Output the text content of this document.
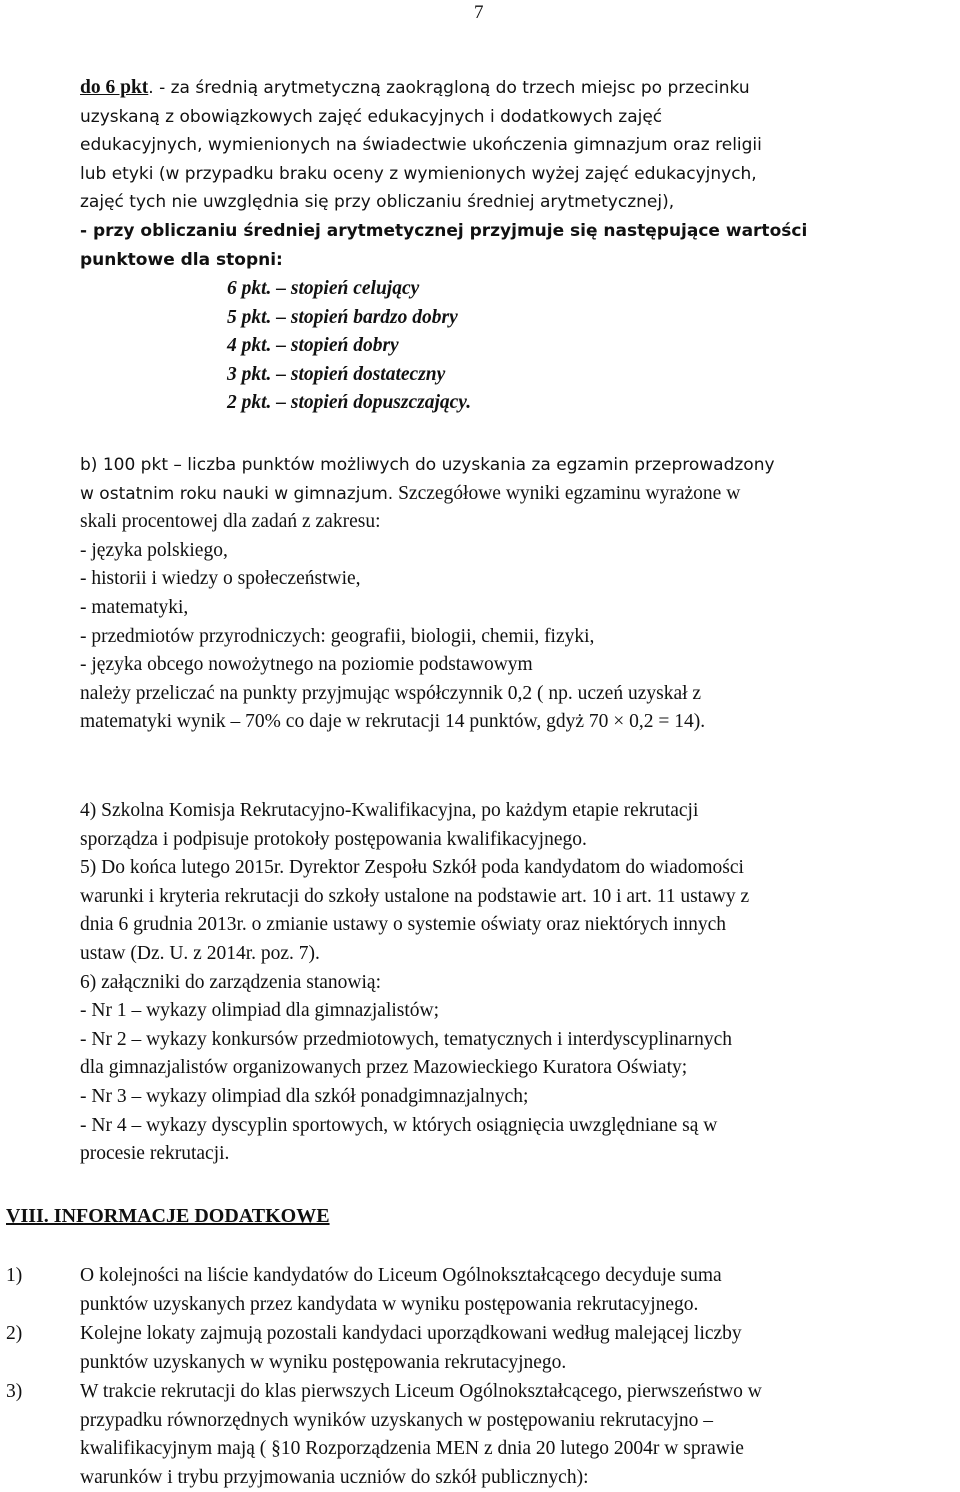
7
do 6 pkt. - za średnią arytmetyczną zaokrągloną do trzech miejsc po przecinku
uzyskaną z obowiązkowych zajęć edukacyjnych i dodatkowych zajęć
edukacyjnych, wymienionych na świadectwie ukończenia gimnazjum oraz religii
lub etyki (w przypadku braku oceny z wymienionych wyżej zajęć edukacyjnych,
zajęć tych nie uwzględnia się przy obliczaniu średniej arytmetycznej),
- przy obliczaniu średniej arytmetycznej przyjmuje się następujące wartości
punktowe dla stopni:
6 pkt. – stopień celujący
5 pkt. – stopień bardzo dobry
4 pkt. – stopień dobry
3 pkt. – stopień dostateczny
2 pkt. – stopień dopuszczający.
b) 100 pkt – liczba punktów możliwych do uzyskania za egzamin przeprowadzony
w ostatnim roku nauki w gimnazjum. Szczegółowe wyniki egzaminu wyrażone w
skali procentowej dla zadań z zakresu:
- języka polskiego,
- historii i wiedzy o społeczeństwie,
- matematyki,
- przedmiotów przyrodniczych: geografii, biologii, chemii, fizyki,
- języka obcego nowożytnego na poziomie podstawowym
należy przeliczać na punkty przyjmując współczynnik 0,2 ( np. uczeń uzyskał z
matematyki wynik – 70% co daje w rekrutacji 14 punktów, gdyż 70 × 0,2 = 14).
4) Szkolna Komisja Rekrutacyjno-Kwalifikacyjna, po każdym etapie rekrutacji
sporządza i podpisuje protokoły postępowania kwalifikacyjnego.
5) Do końca lutego 2015r. Dyrektor Zespołu Szkół poda kandydatom do wiadomości
warunki i kryteria rekrutacji do szkoły ustalone na podstawie art. 10 i art. 11 ustawy z
dnia 6 grudnia 2013r. o zmianie ustawy o systemie oświaty oraz niektórych innych
ustaw (Dz. U. z 2014r. poz. 7).
6) załączniki do zarządzenia stanowią:
- Nr 1 – wykazy olimpiad dla gimnazjalistów;
- Nr 2 – wykazy konkursów przedmiotowych, tematycznych i interdyscyplinarnych
dla gimnazjalistów organizowanych przez Mazowieckiego Kuratora Oświaty;
- Nr 3 – wykazy olimpiad dla szkół ponadgimnazjalnych;
- Nr 4 – wykazy dyscyplin sportowych, w których osiągnięcia uwzględniane są w
procesie rekrutacji.
VIII. INFORMACJE DODATKOWE
1)	O kolejności na liście kandydatów do Liceum Ogólnokształcącego decyduje suma
punktów uzyskanych przez kandydata w wyniku postępowania rekrutacyjnego.
2)	Kolejne lokaty zajmują pozostali kandydaci uporządkowani według malejącej liczby
punktów uzyskanych w wyniku postępowania rekrutacyjnego.
3)	W trakcie rekrutacji do klas pierwszych Liceum Ogólnokształcącego, pierwszeństwo w
przypadku równorzędnych wyników uzyskanych w postępowaniu rekrutacyjno –
kwalifikacyjnym mają ( §10 Rozporządzenia MEN z dnia 20 lutego 2004r w sprawie
warunków i trybu przyjmowania uczniów do szkół publicznych):
